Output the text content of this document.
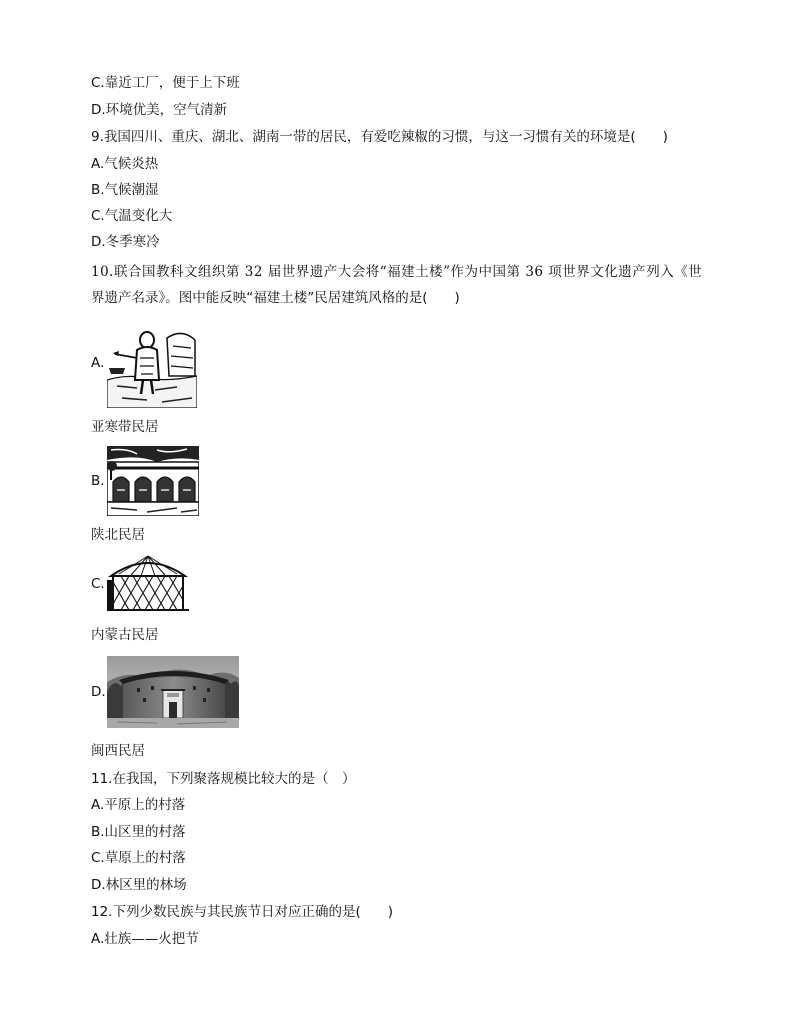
C.靠近工厂，便于上下班
D.环境优美，空气清新
9.我国四川、重庆、湖北、湖南一带的居民，有爱吃辣椒的习惯，与这一习惯有关的环境是(　　)
A.气候炎热
B.气候潮湿
C.气温变化大
D.冬季寒冷
10.联合国教科文组织第 32 届世界遗产大会将“福建土楼”作为中国第 36 项世界文化遗产列入《世
界遗产名录》。图中能反映“福建土楼”民居建筑风格的是(　　)
A.
亚寒带民居
B.
陕北民居
C.
内蒙古民居
D.
闽西民居
11.在我国，下列聚落规模比较大的是（　）
A.平原上的村落
B.山区里的村落
C.草原上的村落
D.林区里的林场
12.下列少数民族与其民族节日对应正确的是(　　)
A.壮族——火把节
